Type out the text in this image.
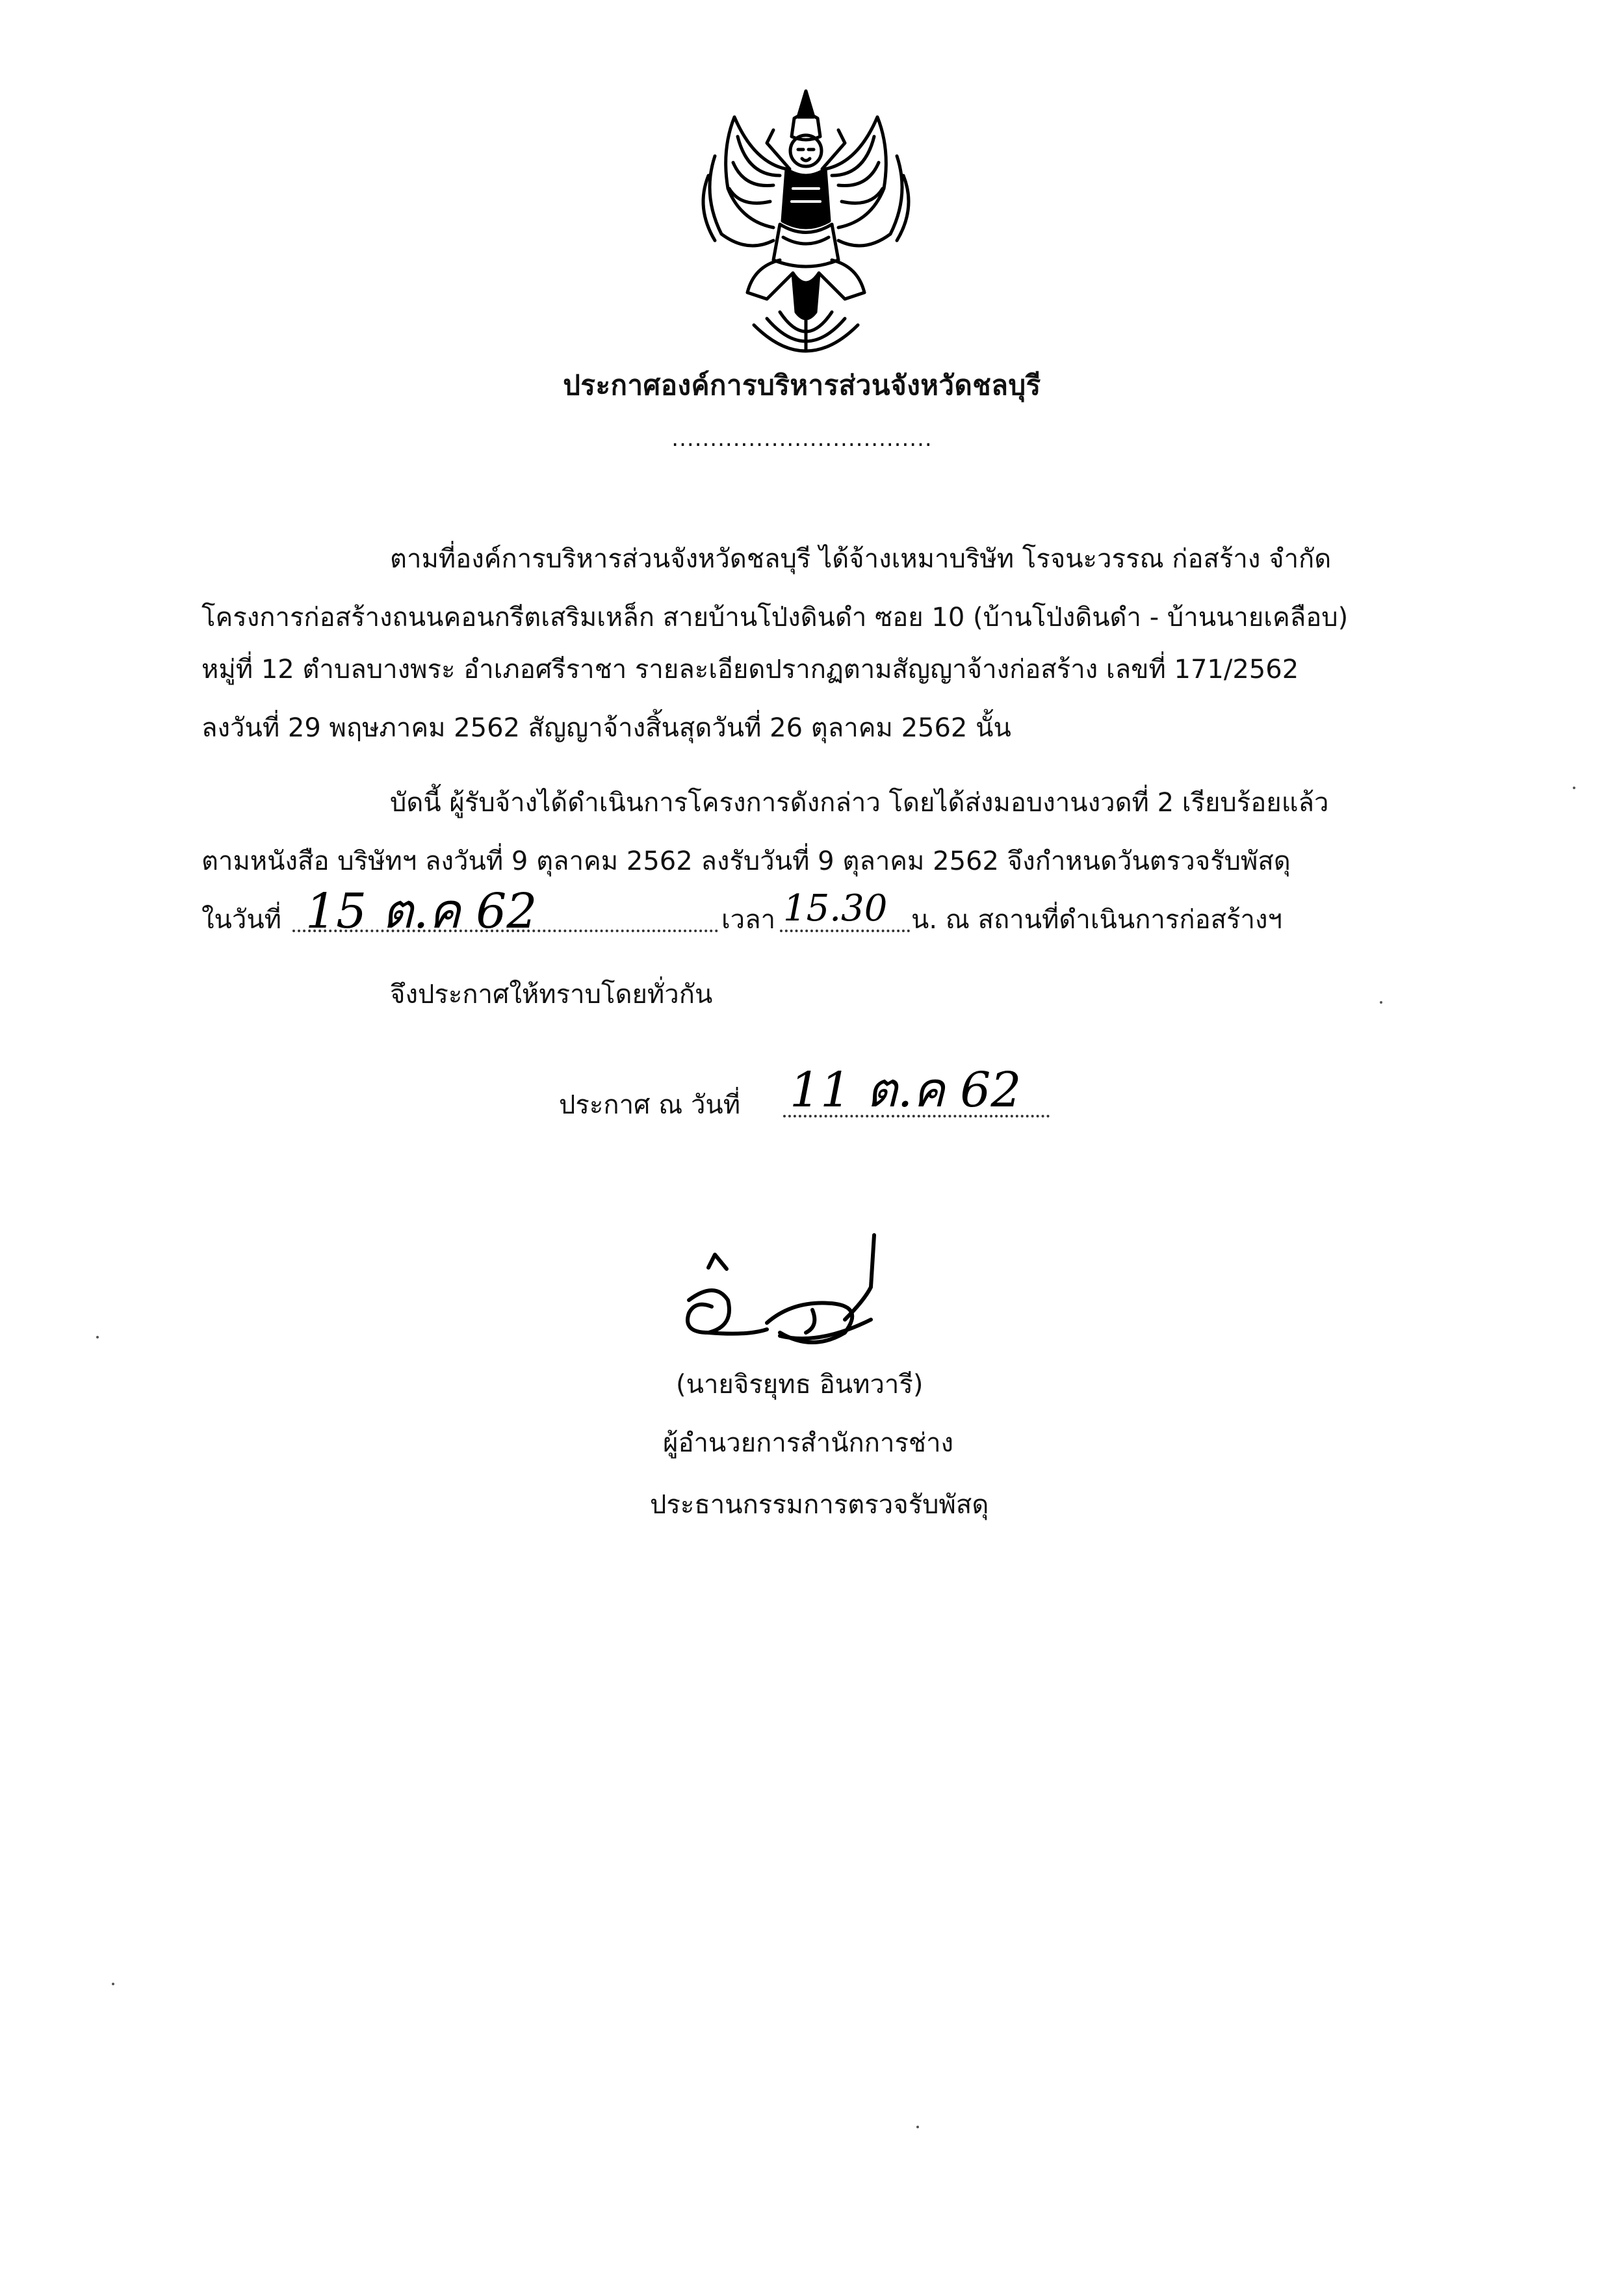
ประกาศองค์การบริหารส่วนจังหวัดชลบุรี
..................................
ตามที่องค์การบริหารส่วนจังหวัดชลบุรี ได้จ้างเหมาบริษัท โรจนะวรรณ ก่อสร้าง จำกัด
โครงการก่อสร้างถนนคอนกรีตเสริมเหล็ก สายบ้านโป่งดินดำ ซอย 10 (บ้านโป่งดินดำ - บ้านนายเคลือบ)
หมู่ที่ 12 ตำบลบางพระ อำเภอศรีราชา รายละเอียดปรากฏตามสัญญาจ้างก่อสร้าง เลขที่ 171/2562
ลงวันที่ 29 พฤษภาคม 2562 สัญญาจ้างสิ้นสุดวันที่ 26 ตุลาคม 2562 นั้น
บัดนี้ ผู้รับจ้างได้ดำเนินการโครงการดังกล่าว โดยได้ส่งมอบงานงวดที่ 2 เรียบร้อยแล้ว
ตามหนังสือ บริษัทฯ ลงวันที่ 9 ตุลาคม 2562 ลงรับวันที่ 9 ตุลาคม 2562 จึงกำหนดวันตรวจรับพัสดุ
ในวันที่ 15 ต.ค 62	เวลา 15.30 น. ณ สถานที่ดำเนินการก่อสร้างฯ
จึงประกาศให้ทราบโดยทั่วกัน
ประกาศ ณ วันที่ 11 ต.ค 62
(นายจิรยุทธ อินทวารี)
ผู้อำนวยการสำนักการช่าง
ประธานกรรมการตรวจรับพัสดุ
